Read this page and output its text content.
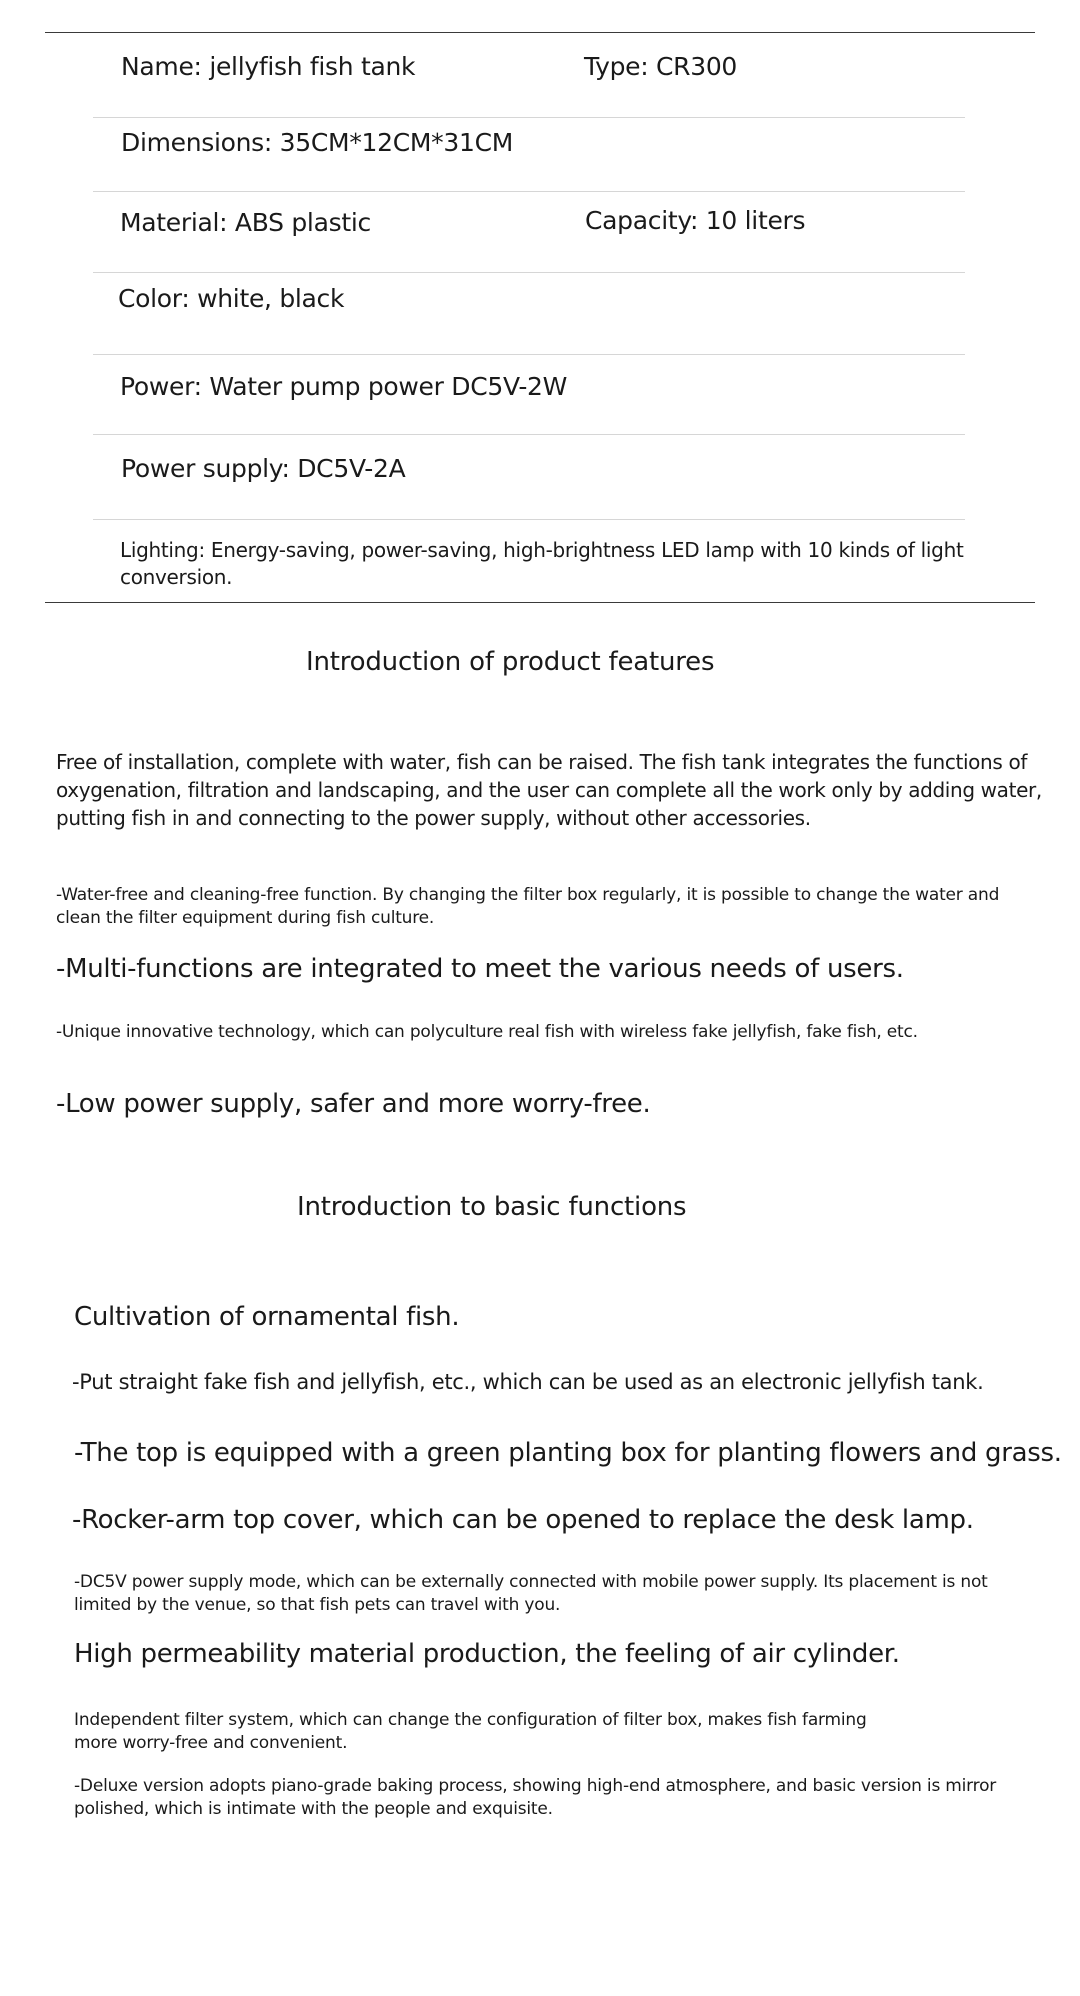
Name: jellyfish fish tank	Type: CR300
Dimensions: 35CM*12CM*31CM
Material: ABS plastic	Capacity: 10 liters
Color: white, black
Power: Water pump power DC5V-2W
Power supply: DC5V-2A
Lighting: Energy-saving, power-saving, high-brightness LED lamp with 10 kinds of light conversion.
Introduction of product features
Free of installation, complete with water, fish can be raised. The fish tank integrates the functions of oxygenation, filtration and landscaping, and the user can complete all the work only by adding water, putting fish in and connecting to the power supply, without other accessories.
-Water-free and cleaning-free function. By changing the filter box regularly, it is possible to change the water and clean the filter equipment during fish culture.
-Multi-functions are integrated to meet the various needs of users.
-Unique innovative technology, which can polyculture real fish with wireless fake jellyfish, fake fish, etc.
-Low power supply, safer and more worry-free.
Introduction to basic functions
Cultivation of ornamental fish.
-Put straight fake fish and jellyfish, etc., which can be used as an electronic jellyfish tank.
-The top is equipped with a green planting box for planting flowers and grass.
-Rocker-arm top cover, which can be opened to replace the desk lamp.
-DC5V power supply mode, which can be externally connected with mobile power supply. Its placement is not limited by the venue, so that fish pets can travel with you.
High permeability material production, the feeling of air cylinder.
Independent filter system, which can change the configuration of filter box, makes fish farming more worry-free and convenient.
-Deluxe version adopts piano-grade baking process, showing high-end atmosphere, and basic version is mirror polished, which is intimate with the people and exquisite.
